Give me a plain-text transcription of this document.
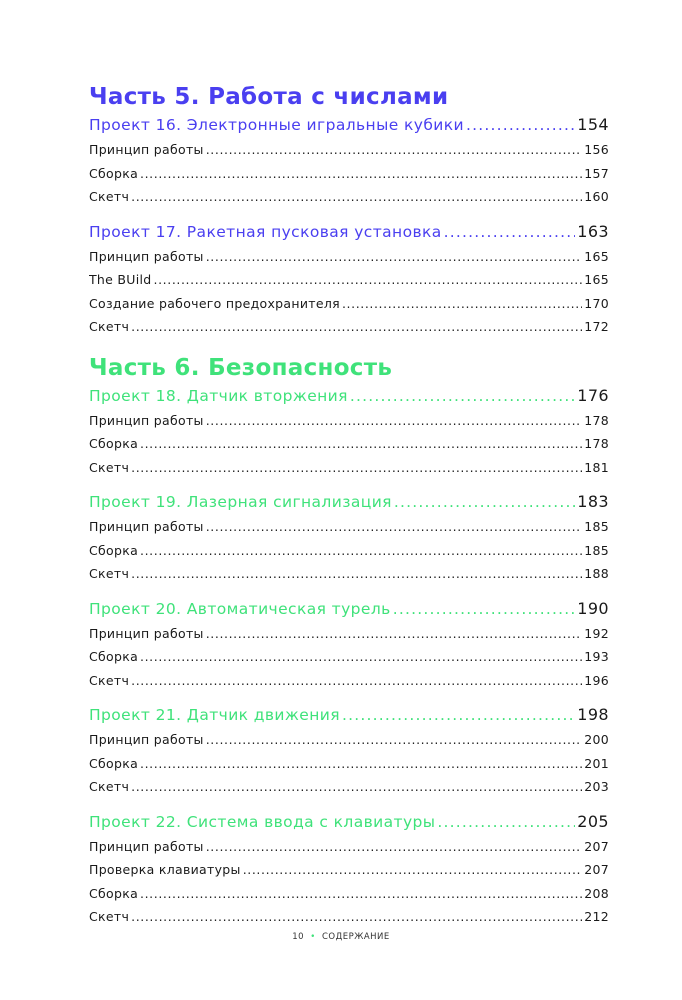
Часть 5. Работа с числами
Проект 16. Электронные игральные кубики .....	154
Принцип работы .....	156
Сборка .....	157
Скетч .....	160
Проект 17. Ракетная пусковая установка .....	163
Принцип работы .....	165
The BUild .....	165
Создание рабочего предохранителя .....	170
Скетч .....	172
Часть 6. Безопасность
Проект 18. Датчик вторжения .....	176
Принцип работы .....	178
Сборка .....	178
Скетч .....	181
Проект 19. Лазерная сигнализация .....	183
Принцип работы .....	185
Сборка .....	185
Скетч .....	188
Проект 20. Автоматическая турель .....	190
Принцип работы .....	192
Сборка .....	193
Скетч .....	196
Проект 21. Датчик движения .....	198
Принцип работы .....	200
Сборка .....	201
Скетч .....	203
Проект 22. Система ввода с клавиатуры .....	205
Принцип работы .....	207
Проверка клавиатуры .....	207
Сборка .....	208
Скетч .....	212
10 • СОДЕРЖАНИЕ
